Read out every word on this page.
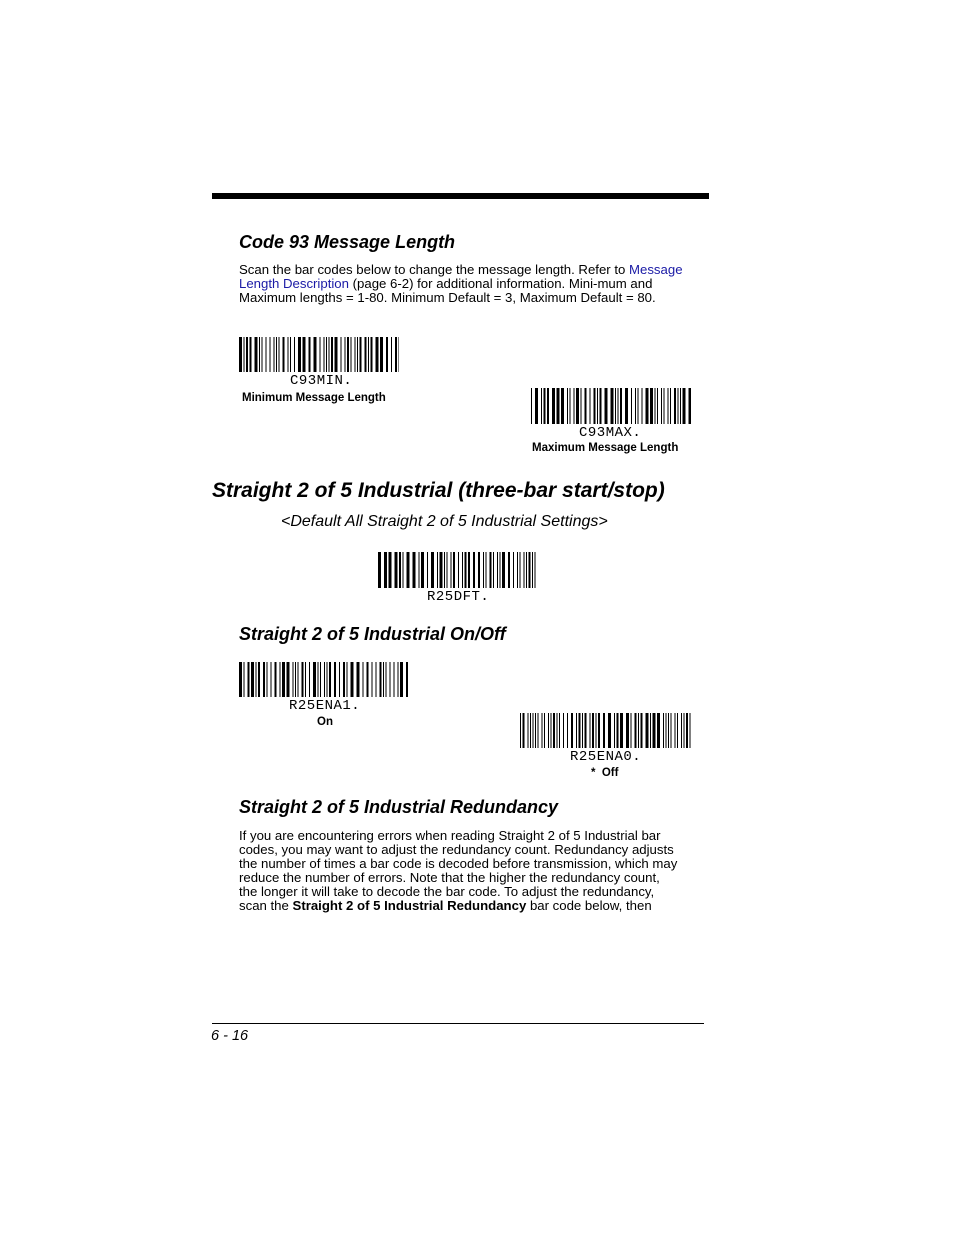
Code 93 Message Length

Scan the bar codes below to change the message length. Refer to Message Length Description (page 6-2) for additional information. Mini-mum and Maximum lengths = 1-80. Minimum Default = 3, Maximum Default = 80.

C93MIN.
Minimum Message Length
C93MAX.
Maximum Message Length
Straight 2 of 5 Industrial (three-bar start/stop)
<Default All Straight 2 of 5 Industrial Settings>
R25DFT.
Straight 2 of 5 Industrial On/Off
R25ENA1.
On
R25ENA0.
*  Off
Straight 2 of 5 Industrial Redundancy
If you are encountering errors when reading Straight 2 of 5 Industrial bar
codes, you may want to adjust the redundancy count. Redundancy adjusts
the number of times a bar code is decoded before transmission, which may
reduce the number of errors. Note that the higher the redundancy count,
the longer it will take to decode the bar code. To adjust the redundancy,
scan the Straight 2 of 5 Industrial Redundancy bar code below, then
6 - 16
